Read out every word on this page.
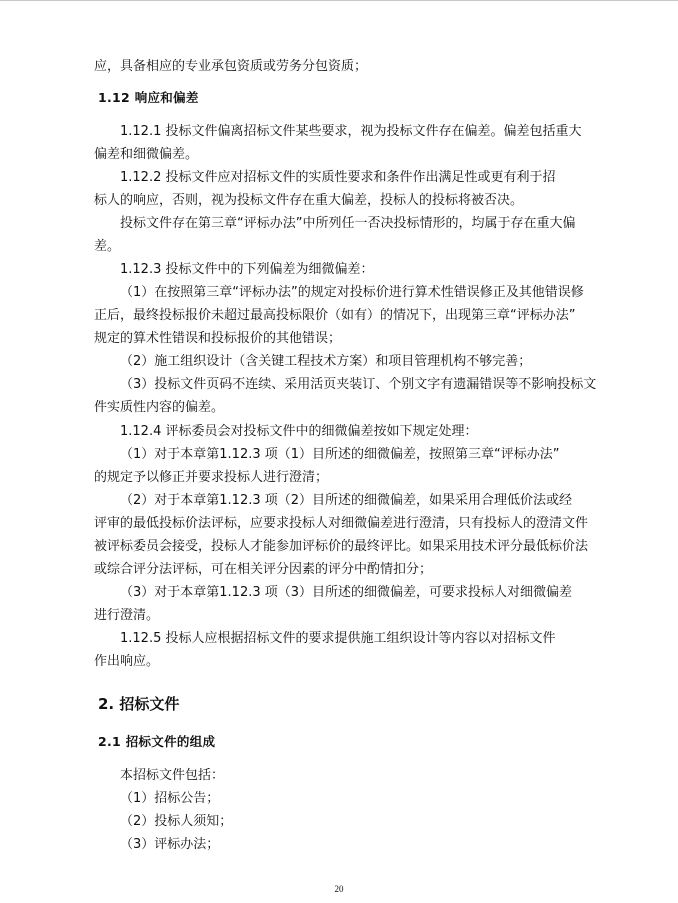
应，具备相应的专业承包资质或劳务分包资质；
1.12 响应和偏差
1.12.1 投标文件偏离招标文件某些要求，视为投标文件存在偏差。偏差包括重大
偏差和细微偏差。
1.12.2 投标文件应对招标文件的实质性要求和条件作出满足性或更有利于招
标人的响应，否则，视为投标文件存在重大偏差，投标人的投标将被否决。
投标文件存在第三章“评标办法”中所列任一否决投标情形的，均属于存在重大偏
差。
1.12.3 投标文件中的下列偏差为细微偏差：
（1）在按照第三章“评标办法”的规定对投标价进行算术性错误修正及其他错误修
正后，最终投标报价未超过最高投标限价（如有）的情况下，出现第三章“评标办法”
规定的算术性错误和投标报价的其他错误；
（2）施工组织设计（含关键工程技术方案）和项目管理机构不够完善；
（3）投标文件页码不连续、采用活页夹装订、个别文字有遗漏错误等不影响投标文
件实质性内容的偏差。
1.12.4 评标委员会对投标文件中的细微偏差按如下规定处理：
（1）对于本章第1.12.3 项（1）目所述的细微偏差，按照第三章“评标办法”
的规定予以修正并要求投标人进行澄清；
（2）对于本章第1.12.3 项（2）目所述的细微偏差，如果采用合理低价法或经
评审的最低投标价法评标，应要求投标人对细微偏差进行澄清，只有投标人的澄清文件
被评标委员会接受，投标人才能参加评标价的最终评比。如果采用技术评分最低标价法
或综合评分法评标，可在相关评分因素的评分中酌情扣分；
（3）对于本章第1.12.3 项（3）目所述的细微偏差，可要求投标人对细微偏差
进行澄清。
1.12.5 投标人应根据招标文件的要求提供施工组织设计等内容以对招标文件
作出响应。
2. 招标文件
2.1 招标文件的组成
本招标文件包括：
（1）招标公告；
（2）投标人须知；
（3）评标办法；
20
